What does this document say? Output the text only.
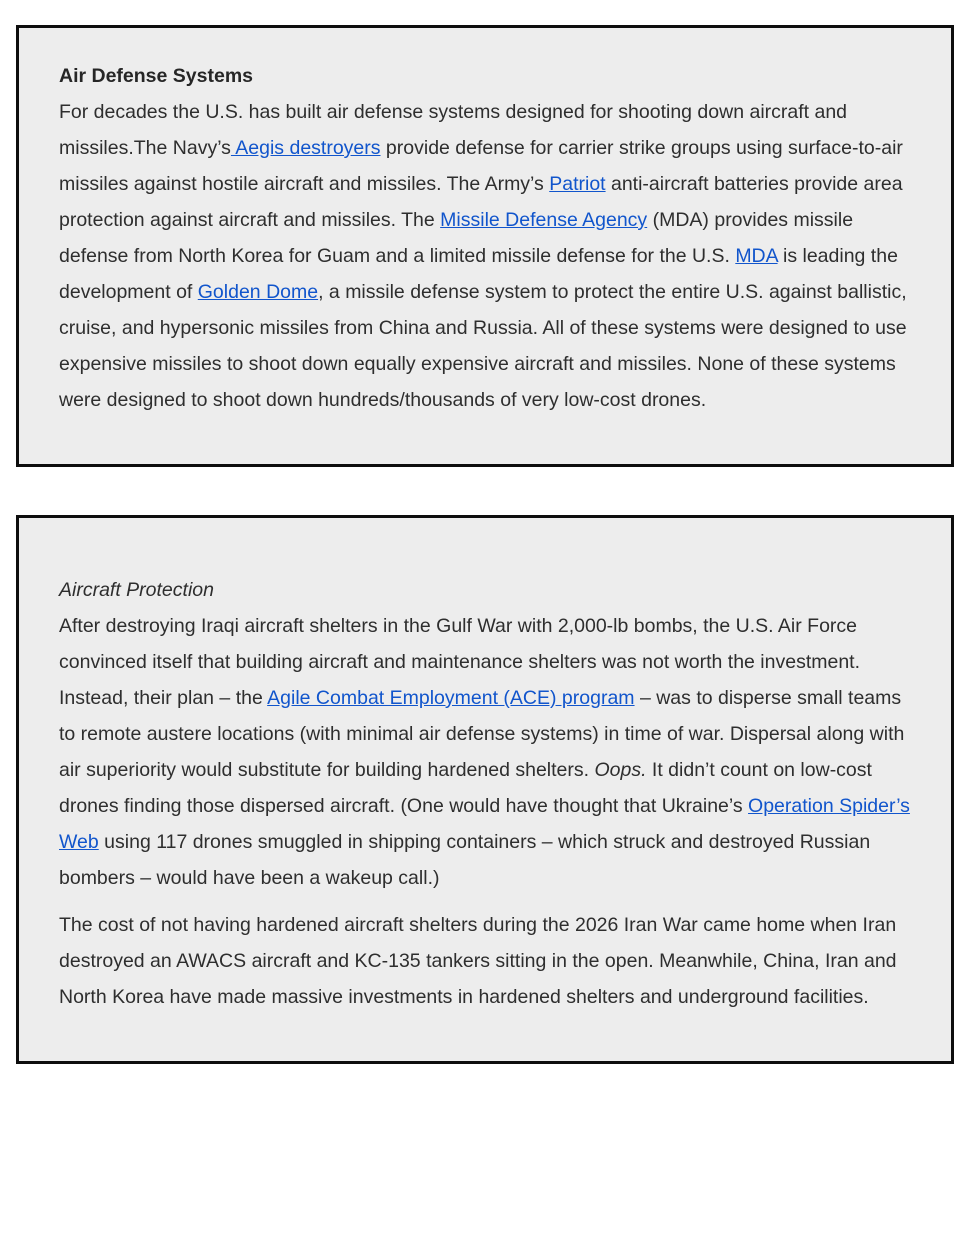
Air Defense Systems

For decades the U.S. has built air defense systems designed for shooting down aircraft and missiles.The Navy’s Aegis destroyers provide defense for carrier strike groups using surface-to-air missiles against hostile aircraft and missiles. The Army’s Patriot anti-aircraft batteries provide area protection against aircraft and missiles. The Missile Defense Agency (MDA) provides missile defense from North Korea for Guam and a limited missile defense for the U.S. MDA is leading the development of Golden Dome, a missile defense system to protect the entire U.S. against ballistic, cruise, and hypersonic missiles from China and Russia. All of these systems were designed to use expensive missiles to shoot down equally expensive aircraft and missiles. None of these systems were designed to shoot down hundreds/thousands of very low-cost drones.

Aircraft Protection

After destroying Iraqi aircraft shelters in the Gulf War with 2,000-lb bombs, the U.S. Air Force convinced itself that building aircraft and maintenance shelters was not worth the investment. Instead, their plan – the Agile Combat Employment (ACE) program – was to disperse small teams to remote austere locations (with minimal air defense systems) in time of war. Dispersal along with air superiority would substitute for building hardened shelters. Oops. It didn’t count on low-cost drones finding those dispersed aircraft. (One would have thought that Ukraine’s Operation Spider’s Web using 117 drones smuggled in shipping containers – which struck and destroyed Russian bombers – would have been a wakeup call.)

The cost of not having hardened aircraft shelters during the 2026 Iran War came home when Iran destroyed an AWACS aircraft and KC-135 tankers sitting in the open. Meanwhile, China, Iran and North Korea have made massive investments in hardened shelters and underground facilities.
